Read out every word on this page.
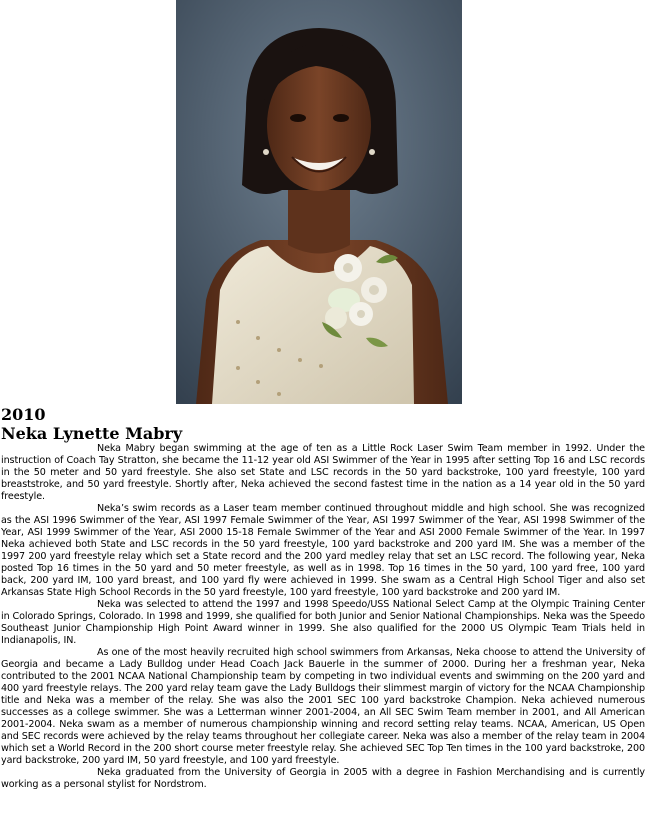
2010
Neka Lynette Mabry

Neka Mabry began swimming at the age of ten as a Little Rock Laser Swim Team member in 1992. Under the instruction of Coach Tay Stratton, she became the 11-12 year old ASI Swimmer of the Year in 1995 after setting Top 16 and LSC records in the 50 meter and 50 yard freestyle. She also set State and LSC records in the 50 yard backstroke, 100 yard freestyle, 100 yard breaststroke, and 50 yard freestyle. Shortly after, Neka achieved the second fastest time in the nation as a 14 year old in the 50 yard freestyle.

Neka’s swim records as a Laser team member continued throughout middle and high school. She was recognized as the ASI 1996 Swimmer of the Year, ASI 1997 Female Swimmer of the Year, ASI 1997 Swimmer of the Year, ASI 1998 Swimmer of the Year, ASI 1999 Swimmer of the Year, ASI 2000 15-18 Female Swimmer of the Year and ASI 2000 Female Swimmer of the Year. In 1997 Neka achieved both State and LSC records in the 50 yard freestyle, 100 yard backstroke and 200 yard IM. She was a member of the 1997 200 yard freestyle relay which set a State record and the 200 yard medley relay that set an LSC record. The following year, Neka posted Top 16 times in the 50 yard and 50 meter freestyle, as well as in 1998. Top 16 times in the 50 yard, 100 yard free, 100 yard back, 200 yard IM, 100 yard breast, and 100 yard fly were achieved in 1999. She swam as a Central High School Tiger and also set Arkansas State High School Records in the 50 yard freestyle, 100 yard freestyle, 100 yard backstroke and 200 yard IM.

Neka was selected to attend the 1997 and 1998 Speedo/USS National Select Camp at the Olympic Training Center in Colorado Springs, Colorado. In 1998 and 1999, she qualified for both Junior and Senior National Championships. Neka was the Speedo Southeast Junior Championship High Point Award winner in 1999. She also qualified for the 2000 US Olympic Team Trials held in Indianapolis, IN.

As one of the most heavily recruited high school swimmers from Arkansas, Neka choose to attend the University of Georgia and became a Lady Bulldog under Head Coach Jack Bauerle in the summer of 2000. During her a freshman year, Neka contributed to the 2001 NCAA National Championship team by competing in two individual events and swimming on the 200 yard and 400 yard freestyle relays. The 200 yard relay team gave the Lady Bulldogs their slimmest margin of victory for the NCAA Championship title and Neka was a member of the relay. She was also the 2001 SEC 100 yard backstroke Champion. Neka achieved numerous successes as a college swimmer. She was a Letterman winner 2001-2004, an All SEC Swim Team member in 2001, and All American 2001-2004. Neka swam as a member of numerous championship winning and record setting relay teams. NCAA, American, US Open and SEC records were achieved by the relay teams throughout her collegiate career. Neka was also a member of the relay team in 2004 which set a World Record in the 200 short course meter freestyle relay. She achieved SEC Top Ten times in the 100 yard backstroke, 200 yard backstroke, 200 yard IM, 50 yard freestyle, and 100 yard freestyle.

Neka graduated from the University of Georgia in 2005 with a degree in Fashion Merchandising and is currently working as a personal stylist for Nordstrom.
